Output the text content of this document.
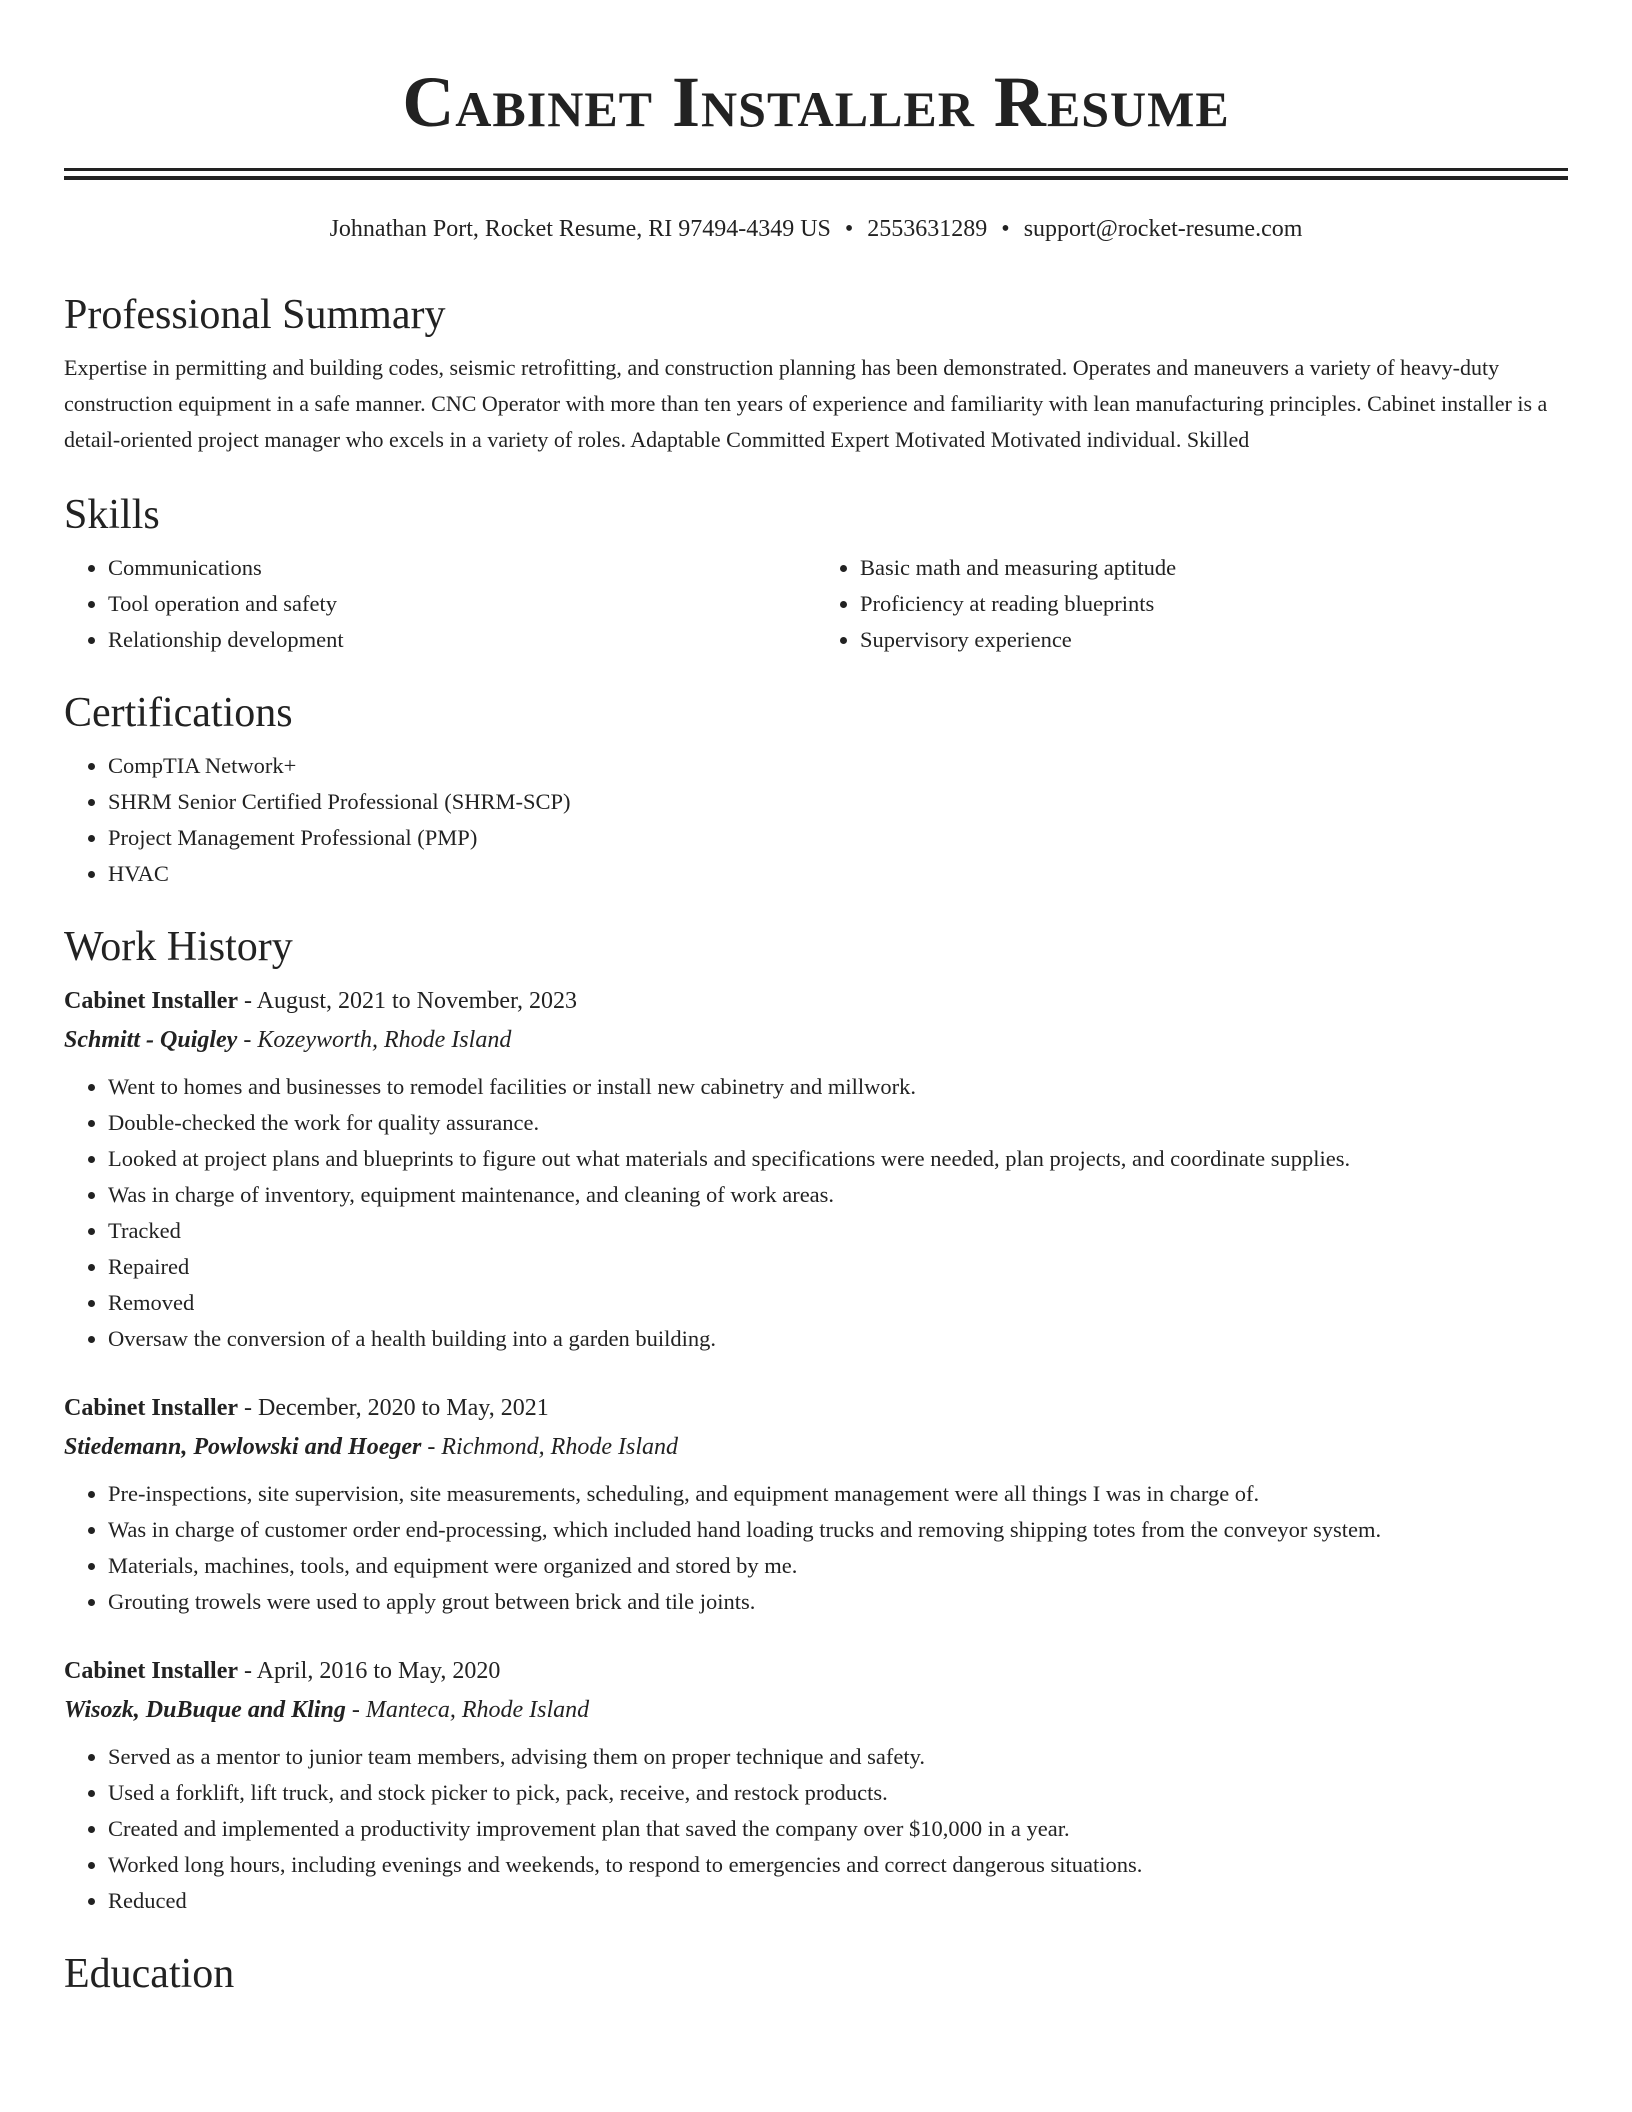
Cabinet Installer Resume
Johnathan Port, Rocket Resume, RI 97494-4349 US • 2553631289 • support@rocket-resume.com
Professional Summary

Expertise in permitting and building codes, seismic retrofitting, and construction planning has been demonstrated. Operates and maneuvers a variety of heavy-duty construction equipment in a safe manner. CNC Operator with more than ten years of experience and familiarity with lean manufacturing principles. Cabinet installer is a detail-oriented project manager who excels in a variety of roles. Adaptable Committed Expert Motivated Motivated individual. Skilled

Skills
• Communications
• Tool operation and safety
• Relationship development
• Basic math and measuring aptitude
• Proficiency at reading blueprints
• Supervisory experience
Certifications
• CompTIA Network+
• SHRM Senior Certified Professional (SHRM-SCP)
• Project Management Professional (PMP)
• HVAC
Work History

Cabinet Installer - August, 2021 to November, 2023

Schmitt - Quigley - Kozeyworth, Rhode Island

• Went to homes and businesses to remodel facilities or install new cabinetry and millwork.
• Double-checked the work for quality assurance.
• Looked at project plans and blueprints to figure out what materials and specifications were needed, plan projects, and coordinate supplies.
• Was in charge of inventory, equipment maintenance, and cleaning of work areas.
• Tracked
• Repaired
• Removed
• Oversaw the conversion of a health building into a garden building.

Cabinet Installer - December, 2020 to May, 2021

Stiedemann, Powlowski and Hoeger - Richmond, Rhode Island

• Pre-inspections, site supervision, site measurements, scheduling, and equipment management were all things I was in charge of.
• Was in charge of customer order end-processing, which included hand loading trucks and removing shipping totes from the conveyor system.
• Materials, machines, tools, and equipment were organized and stored by me.
• Grouting trowels were used to apply grout between brick and tile joints.

Cabinet Installer - April, 2016 to May, 2020

Wisozk, DuBuque and Kling - Manteca, Rhode Island

• Served as a mentor to junior team members, advising them on proper technique and safety.
• Used a forklift, lift truck, and stock picker to pick, pack, receive, and restock products.
• Created and implemented a productivity improvement plan that saved the company over $10,000 in a year.
• Worked long hours, including evenings and weekends, to respond to emergencies and correct dangerous situations.
• Reduced
Education
